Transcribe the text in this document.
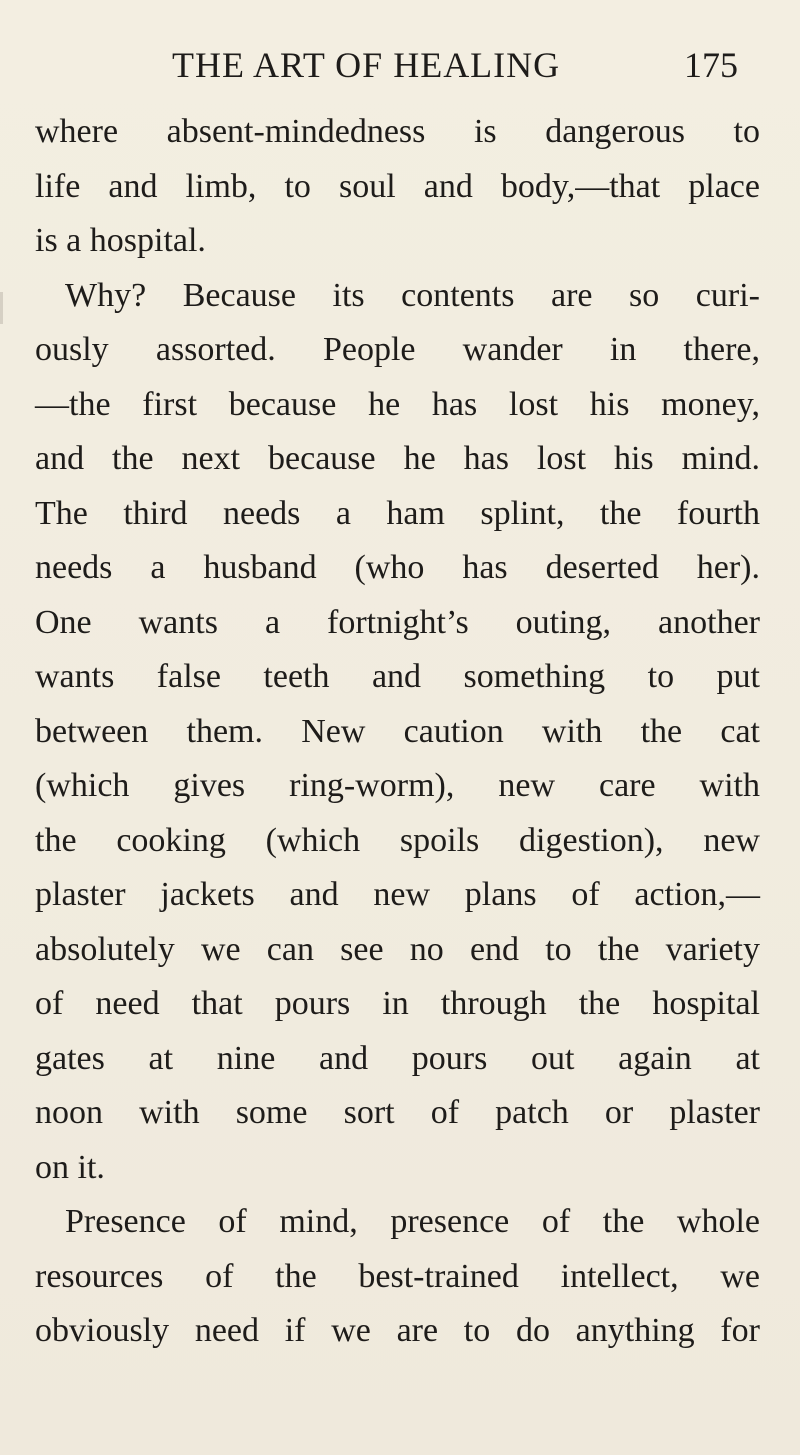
THE ART OF HEALING	175
where absent-mindedness is dangerous to
life and limb, to soul and body,—that place
is a hospital.
Why? Because its contents are so curi-
ously assorted. People wander in there,
—the first because he has lost his money,
and the next because he has lost his mind.
The third needs a ham splint, the fourth
needs a husband (who has deserted her).
One wants a fortnight’s outing, another
wants false teeth and something to put
between them. New caution with the cat
(which gives ring-worm), new care with
the cooking (which spoils digestion), new
plaster jackets and new plans of action,—
absolutely we can see no end to the variety
of need that pours in through the hospital
gates at nine and pours out again at
noon with some sort of patch or plaster
on it.
Presence of mind, presence of the whole
resources of the best-trained intellect, we
obviously need if we are to do anything for
